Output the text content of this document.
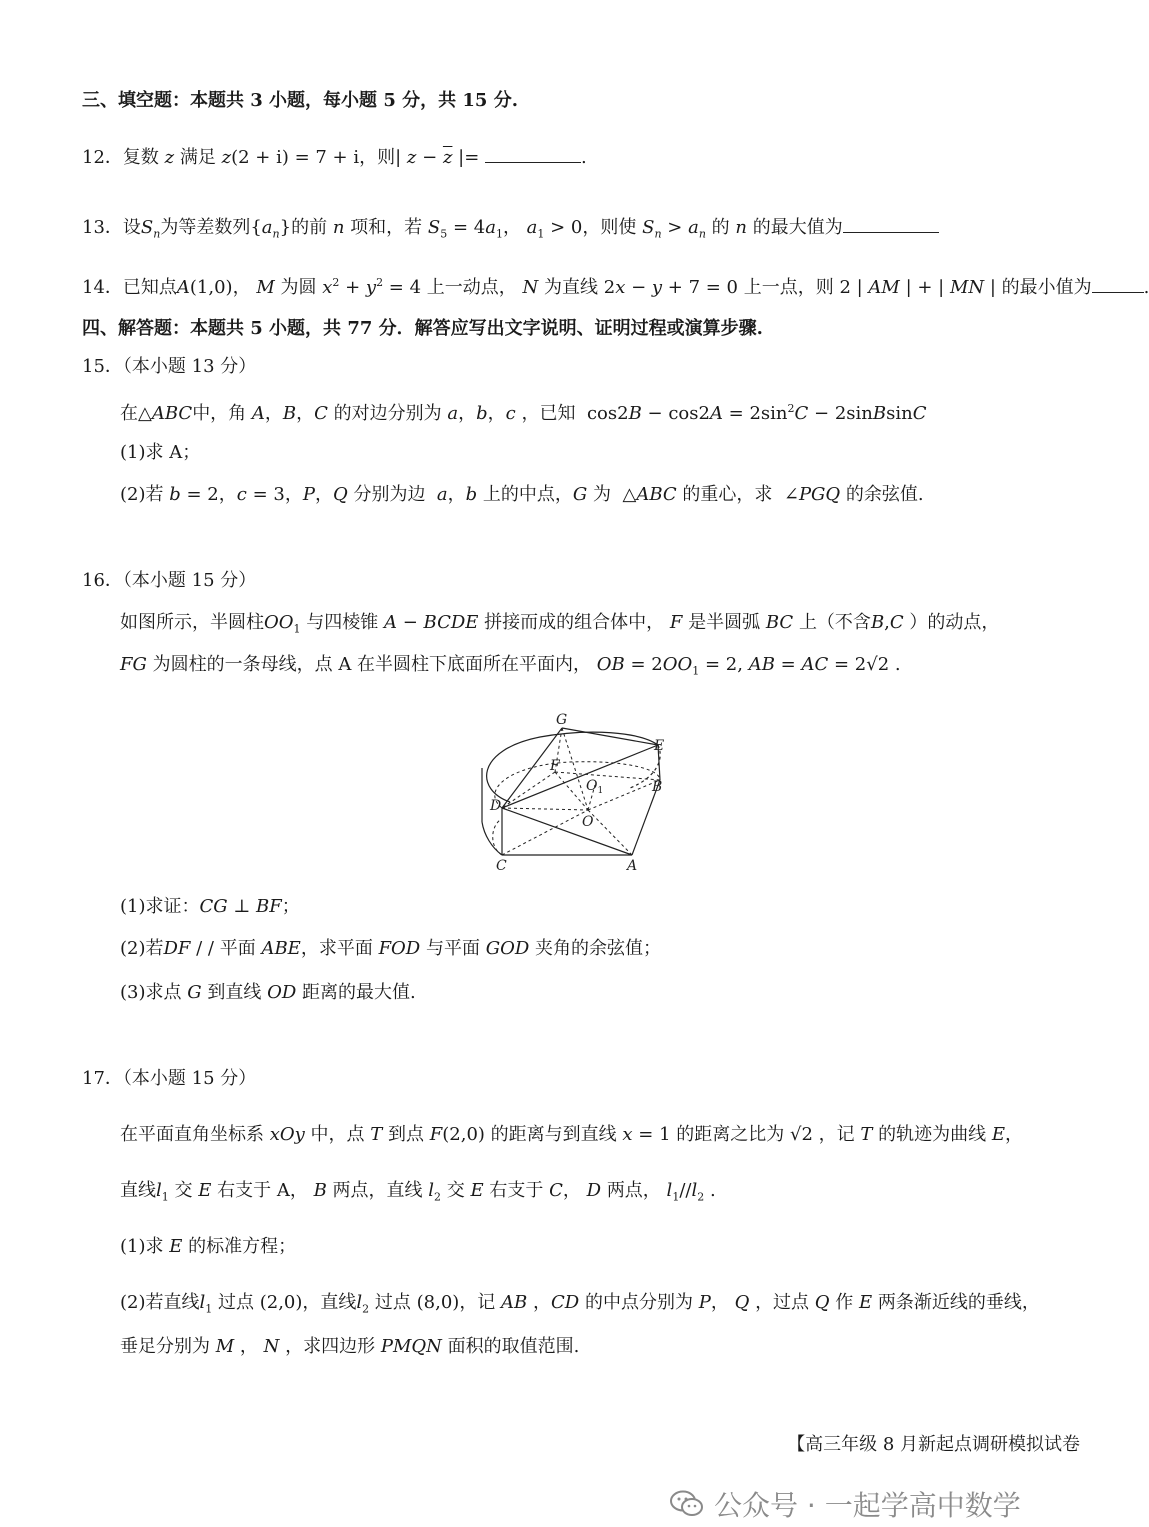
三、填空题：本题共 3 小题，每小题 5 分，共 15 分.
12．复数 z 满足 z(2 + i) = 7 + i，则| $z - \overline{z}$ |=	.
13．设$S_n$为等差数列$\{a_n\}$的前 n 项和，若 $S_5 = 4a_1$， $a_1 > 0$，则使 $S_n > a_n$ 的 n 的最大值为
14．已知点A(1,0)， M 为圆 $x^2 + y^2 = 4$ 上一动点， N 为直线 2x − y + 7 = 0 上一点，则 2 | AM | + | MN | 的最小值为	.
四、解答题：本题共 5 小题，共 77 分．解答应写出文字说明、证明过程或演算步骤.
15．（本小题 13 分）
在△ABC中，角 A，B，C 的对边分别为 a，b，c ，已知  $\cos 2B - \cos 2A = 2\sin^2C$ − 2sinBsinC
(1)求 A；
(2)若 b = 2，c = 3，P，Q 分别为边 a，b 上的中点，G 为  △ABC 的重心，求  ∠PGQ 的余弦值.
16．（本小题 15 分）
如图所示，半圆柱$OO_1$ 与四棱锥 A − BCDE 拼接而成的组合体中， F 是半圆弧 BC 上（不含B,C ）的动点，
FG 为圆柱的一条母线，点 A 在半圆柱下底面所在平面内， OB = $2OO_1 = 2$, AB = AC = 2√2 .
G
E
F
$O_1$
D
B
O
C	A
(1)求证：CG ⊥ BF；
(2)若DF / / 平面 ABE，求平面 FOD 与平面 GOD 夹角的余弦值；
(3)求点 G 到直线 OD 距离的最大值.
17．（本小题 15 分）
在平面直角坐标系 xOy 中，点 T 到点 F(2,0) 的距离与到直线 x = 1 的距离之比为 √2 ，记 T 的轨迹为曲线 E，
直线$l_1$ 交 E 右支于 A， B 两点，直线 $l_2$ 交 E 右支于 C， D 两点， $l_1//l_2$ .
(1)求 E 的标准方程；
(2)若直线$l_1$ 过点 (2,0)，直线$l_2$ 过点 (8,0)，记 AB ，CD 的中点分别为 P， Q ，过点 Q 作 E 两条渐近线的垂线，
垂足分别为 M ， N ，求四边形 PMQN 面积的取值范围.
【高三年级 8 月新起点调研模拟试卷
公众号 · 一起学高中数学
